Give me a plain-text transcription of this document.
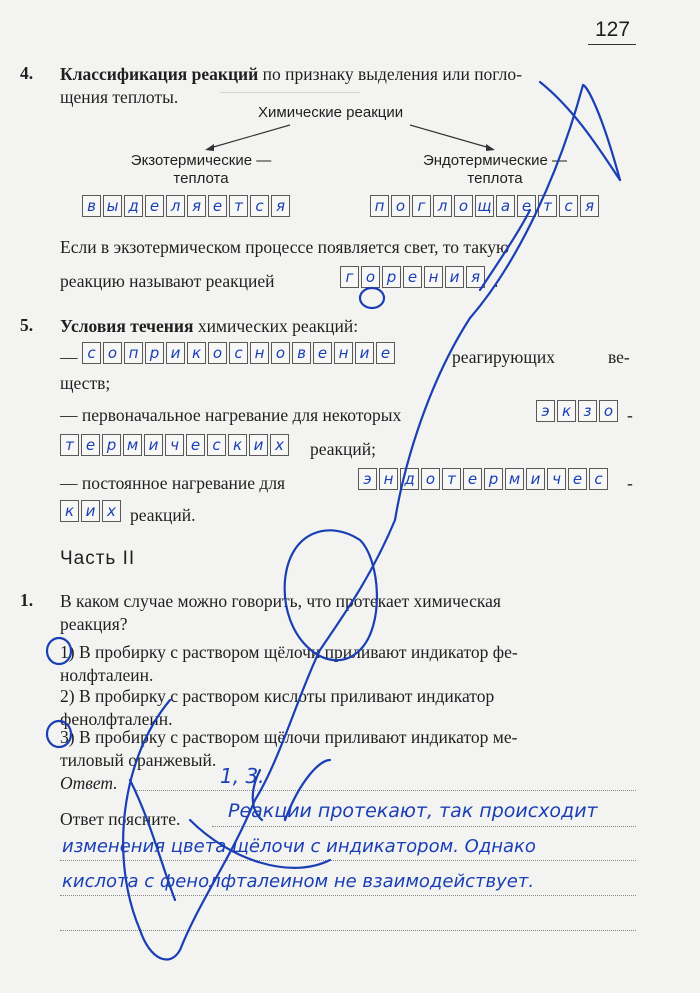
127
4. Классификация реакций по признаку выделения или погло-
щения теплоты.
Химические реакции
Экзотермические —
теплота
Эндотермические —
теплота
в ы д е л я е т с я	п о г л о щ а е т с я
Если в экзотермическом процессе появляется свет, то такую
реакцию называют реакцией	г о р е н и я .
5. Условия течения химических реакций:
— с о п р и к о с н о в е н и е	реагирующих	ве-
ществ;
— первоначальное нагревание для некоторых	э к з о -
т е р м и ч е с к и х реакций;
— постоянное нагревание для	э н д о т е р м и ч е с	-
к и х реакций.
Часть II
1. В каком случае можно говорить, что протекает химическая
реакция?
1) В пробирку с раствором щёлочи приливают индикатор фе-
нолфталеин.
2) В пробирку с раствором кислоты приливают индикатор
фенолфталеин.
3) В пробирку с раствором щёлочи приливают индикатор ме-
тиловый оранжевый.
Ответ.	1, 3.
Ответ поясните.	Реакции протекают, так происходит
изменения цвета щёлочи с индикатором. Однако
кислота с фенолфталеином не взаимодействует.
